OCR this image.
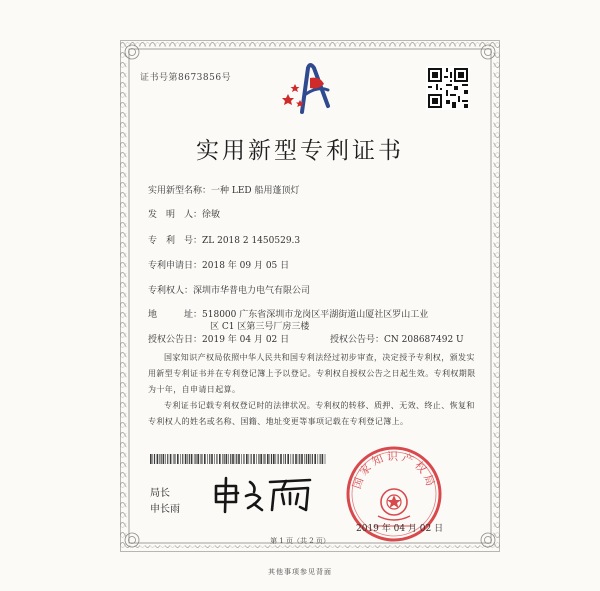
证书号第8673856号
实用新型专利证书
实用新型名称：一种 LED 船用蓬顶灯
发　明　人：徐敏
专　利　号：ZL 2018 2 1450529.3
专利申请日：2018 年 09 月 05 日
专利权人：深圳市华普电力电气有限公司
地　　　址：518000 广东省深圳市龙岗区平湖街道山厦社区罗山工业
区 C1 区第三号厂房三楼
授权公告日：2019 年 04 月 02 日	授权公告号：CN 208687492 U
国家知识产权局依照中华人民共和国专利法经过初步审查，决定授予专利权，颁发实用新型专利证书并在专利登记簿上予以登记。专利权自授权公告之日起生效。专利权期限为十年，自申请日起算。
专利证书记载专利权登记时的法律状况。专利权的转移、质押、无效、终止、恢复和专利权人的姓名或名称、国籍、地址变更等事项记载在专利登记簿上。
局长
申长雨
国家知识产权局
2019 年 04 月 02 日
第 1 页（共 2 页）
其他事项参见背面
